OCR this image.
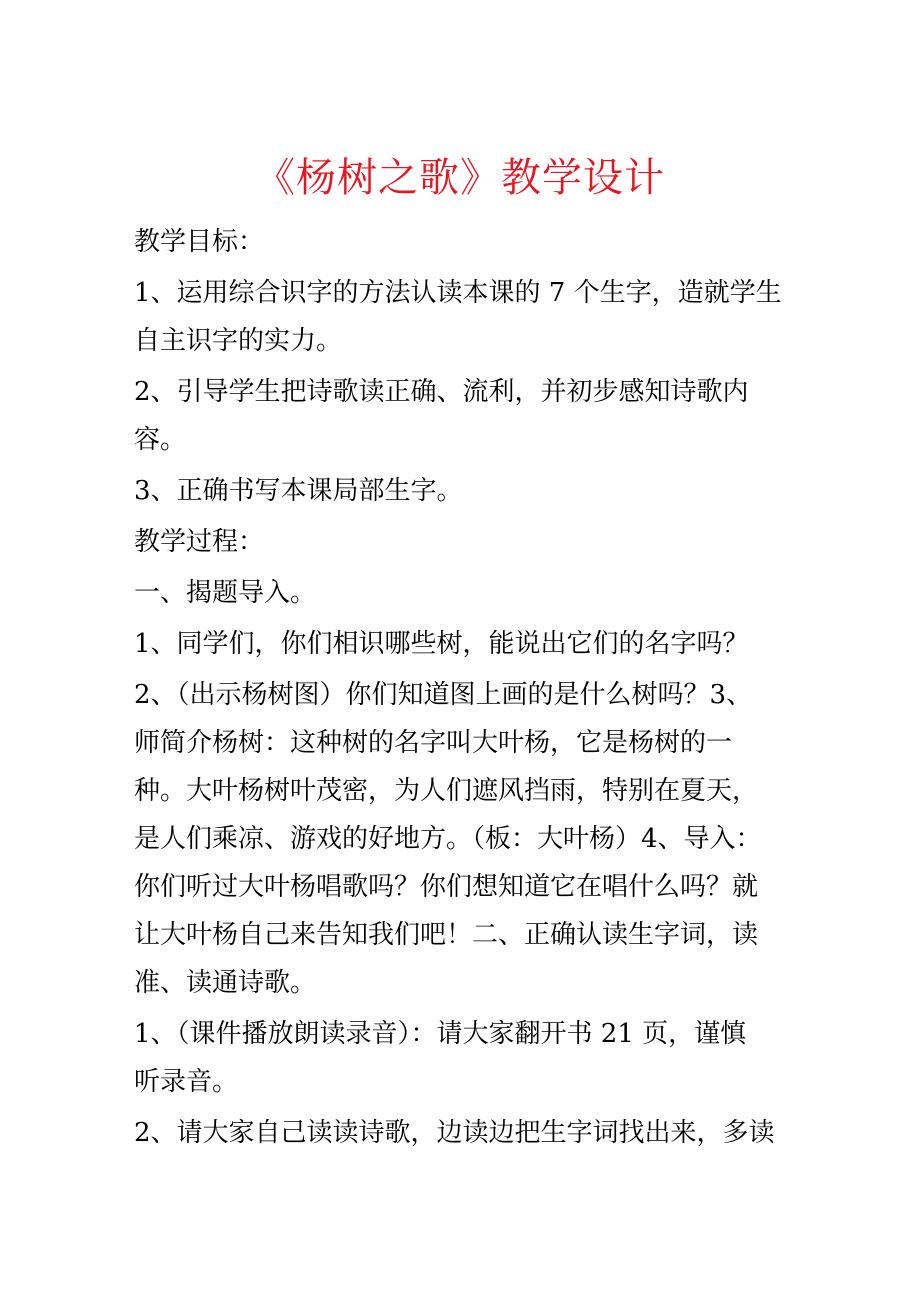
《杨树之歌》教学设计

教学目标：

1、运用综合识字的方法认读本课的 7 个生字，造就学生
自主识字的实力。

2、引导学生把诗歌读正确、流利，并初步感知诗歌内
容。

3、正确书写本课局部生字。

教学过程：

一、揭题导入。

1、同学们，你们相识哪些树，能说出它们的名字吗？

2、（出示杨树图）你们知道图上画的是什么树吗？3、
师简介杨树：这种树的名字叫大叶杨，它是杨树的一
种。大叶杨树叶茂密，为人们遮风挡雨，特别在夏天，
是人们乘凉、游戏的好地方。（板：大叶杨）4、导入：
你们听过大叶杨唱歌吗？你们想知道它在唱什么吗？就
让大叶杨自己来告知我们吧！二、正确认读生字词，读
准、读通诗歌。

1、（课件播放朗读录音）：请大家翻开书 21 页，谨慎
听录音。

2、请大家自己读读诗歌，边读边把生字词找出来，多读
